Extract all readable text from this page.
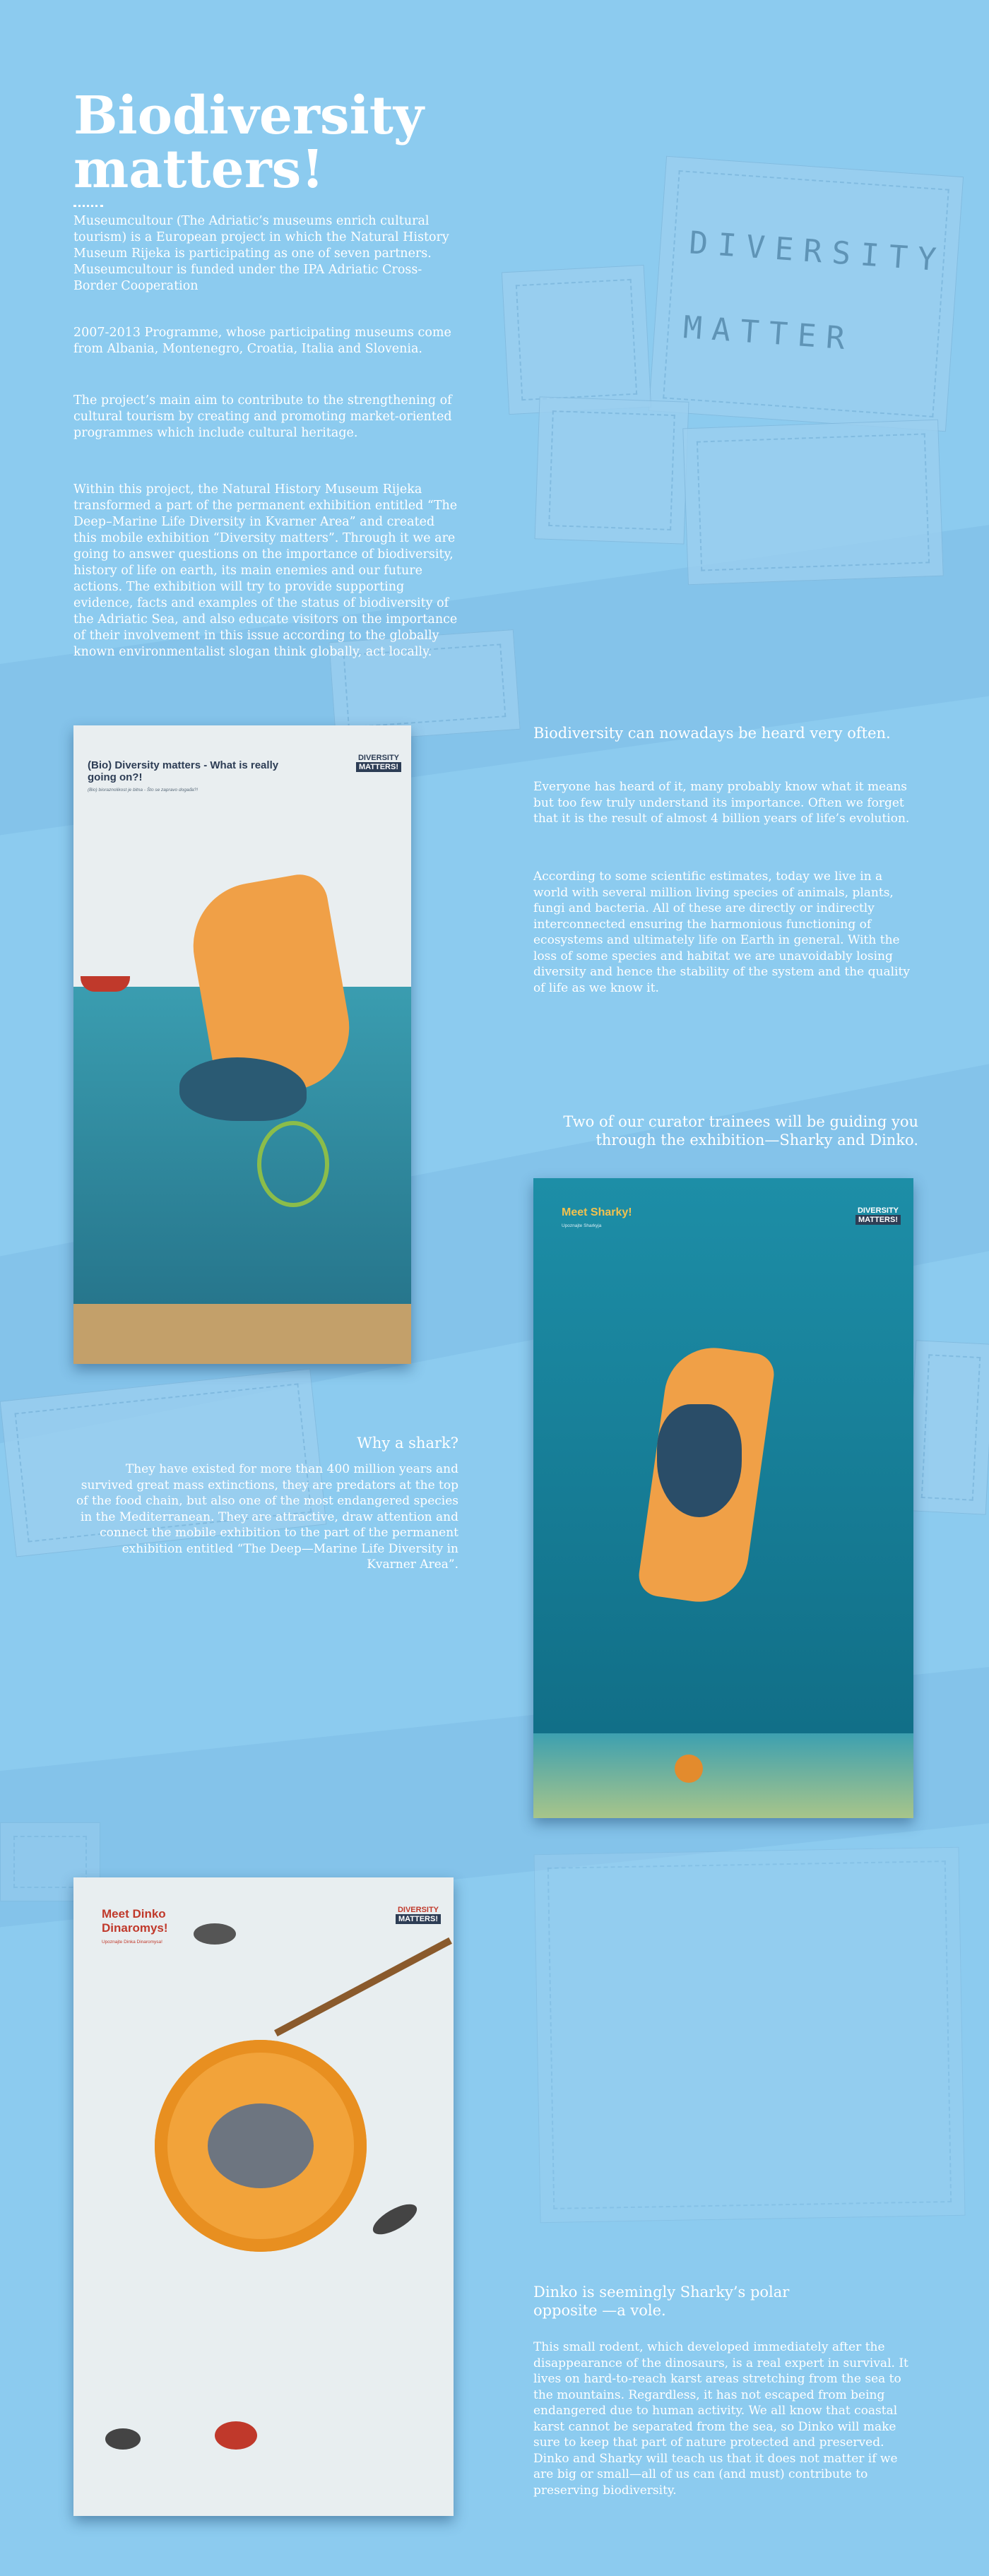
DIVERSITY MATTER
Biodiversity
matters!

Museumcultour (The Adriatic’s museums enrich cultural tourism) is a European project in which the Natural History Museum Rijeka is participating as one of seven partners. Museumcultour is funded under the IPA Adriatic Cross-Border Cooperation

2007-2013 Programme, whose participating museums come from Albania, Montenegro, Croatia, Italia and Slovenia.

The project’s main aim to contribute to the strengthening of cultural tourism by creating and promoting market-oriented programmes which include cultural heritage.

Within this project, the Natural History Museum Rijeka transformed a part of the permanent exhibition entitled “The Deep–Marine Life Diversity in Kvarner Area” and created this mobile exhibition “Diversity matters”. Through it we are going to answer questions on the importance of biodiversity, history of life on earth, its main enemies and our future actions. The exhibition will try to provide supporting evidence, facts and examples of the status of biodiversity of the Adriatic Sea, and also educate visitors on the importance of their involvement in this issue according to the globally known environmentalist slogan think globally, act locally.

(Bio) Diversity matters - What is really going on?!
(Bio) bioraznolikost je bitna - Što se zapravo događa?!
DIVERSITY
MATTERS!
Biodiversity can nowadays be heard very often.

Everyone has heard of it, many probably know what it means but too few truly understand its importance. Often we forget that it is the result of almost 4 billion years of life’s evolution.

According to some scientific estimates, today we live in a world with several million living species of animals, plants, fungi and bacteria. All of these are directly or indirectly interconnected ensuring the harmonious functioning of ecosystems and ultimately life on Earth in general. With the loss of some species and habitat we are unavoidably losing diversity and hence the stability of the system and the quality of life as we know it.

Two of our curator trainees will be guiding you through the exhibition—Sharky and Dinko.
Meet Sharky!
Upoznajte Sharkyja
DIVERSITY
MATTERS!
Why a shark?

They have existed for more than 400 million years and survived great mass extinctions, they are predators at the top of the food chain, but also one of the most endangered species in the Mediterranean. They are attractive, draw attention and connect the mobile exhibition to the part of the permanent exhibition entitled “The Deep—Marine Life Diversity in Kvarner Area”.

Meet Dinko
Dinaromys!
Upoznajte Dinka Dinaromysa!
DIVERSITY
MATTERS!
Dinko is seemingly Sharky’s polar opposite —a vole.

This small rodent, which developed immediately after the disappearance of the dinosaurs, is a real expert in survival. It lives on hard-to-reach karst areas stretching from the sea to the mountains. Regardless, it has not escaped from being endangered due to human activity. We all know that coastal karst cannot be separated from the sea, so Dinko will make sure to keep that part of nature protected and preserved. Dinko and Sharky will teach us that it does not matter if we are big or small—all of us can (and must) contribute to preserving biodiversity.
